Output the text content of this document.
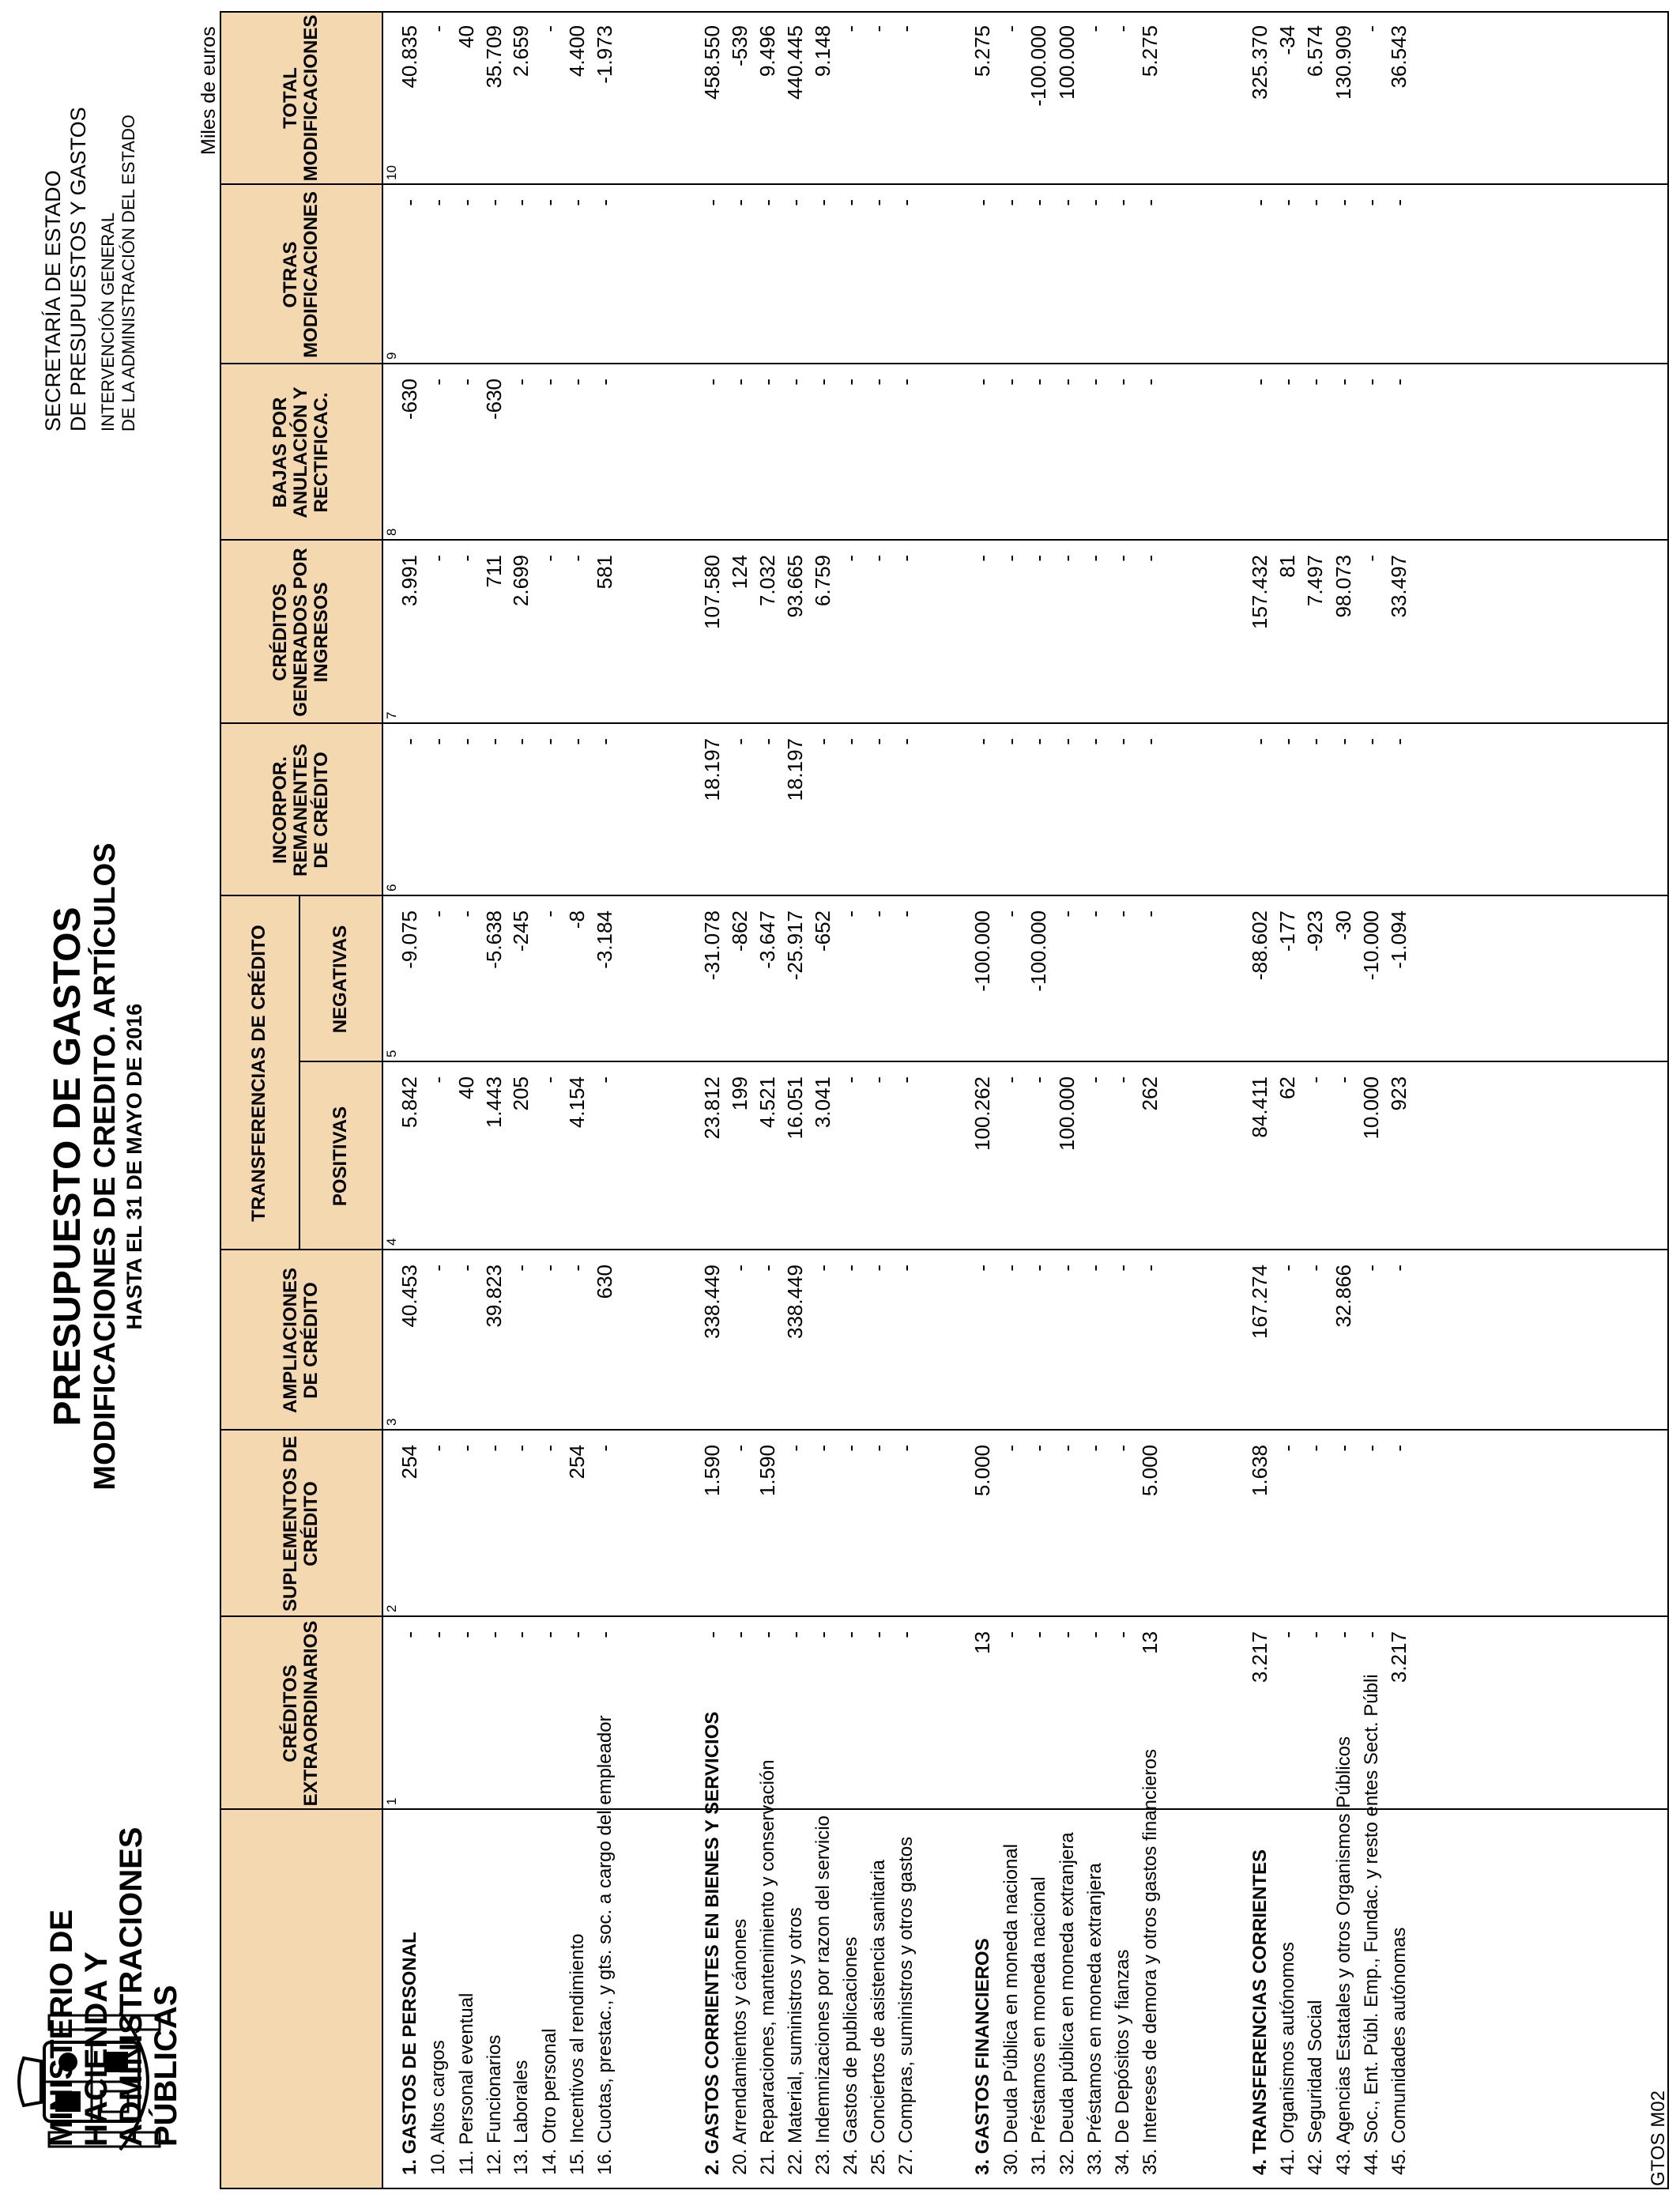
MINISTERIO DE HACIENDA Y ADMINISTRACIONES PÚBLICAS
PRESUPUESTO DE GASTOS MODIFICACIONES DE CREDITO. ARTÍCULOS HASTA EL 31 DE MAYO DE 2016
SECRETARÍA DE ESTADO DE PRESUPUESTOS Y GASTOS INTERVENCIÓN GENERAL DE LA ADMINISTRACIÓN DEL ESTADO
Miles de euros
CRÉDITOS EXTRAORDINARIOS
SUPLEMENTOS DE CRÉDITO
AMPLIACIONES DE CRÉDITO
TRANSFERENCIAS DE CRÉDITO	POSITIVAS
NEGATIVAS
INCORPOR. REMANENTES DE CRÉDITO
CRÉDITOS GENERADOS POR INGRESOS
BAJAS POR ANULACIÓN Y RECTIFICAC.
OTRAS MODIFICACIONES
TOTAL MODIFICACIONES
1
2
3
4
5
6
7
8
9
10
1. GASTOS DE PERSONAL
-
254
40.453
5.842
-9.075
-
3.991
-630
-
40.835
10. Altos cargos
-
-
-
-
-
-
-
-
-
-
11. Personal eventual
-
-
-
40
-
-
-
-
-
40
12. Funcionarios
-
-
39.823
1.443
-5.638
-
711
-630
-
35.709
13. Laborales
-
-
-
205
-245
-
2.699
-
-
2.659
14. Otro personal
-
-
-
-
-
-
-
-
-
-
15. Incentivos al rendimiento
-
254
-
4.154
-8
-
-
-
-
4.400
16. Cuotas, prestac., y gts. soc. a cargo del empleador
-
-
630
-
-3.184
-
581
-
-
-1.973
2. GASTOS CORRIENTES EN BIENES Y SERVICIOS
-
1.590
338.449
23.812
-31.078
18.197
107.580
-
-
458.550
20. Arrendamientos y cánones
-
-
-
199
-862
-
124
-
-
-539
21. Reparaciones, mantenimiento y conservación
-
1.590
-
4.521
-3.647
-
7.032
-
-
9.496
22. Material, suministros y otros
-
-
338.449
16.051
-25.917
18.197
93.665
-
-
440.445
23. Indemnizaciones por razon del servicio
-
-
-
3.041
-652
-
6.759
-
-
9.148
24. Gastos de publicaciones
-
-
-
-
-
-
-
-
-
-
25. Conciertos de asistencia sanitaria
-
-
-
-
-
-
-
-
-
-
27. Compras, suministros y otros gastos
-
-
-
-
-
-
-
-
-
-
3. GASTOS FINANCIEROS
13
5.000
-
100.262
-100.000
-
-
-
-
5.275
30. Deuda Pública en moneda nacional
-
-
-
-
-
-
-
-
-
-
31. Préstamos en moneda nacional
-
-
-
-
-100.000
-
-
-
-
-100.000
32. Deuda pública en moneda extranjera
-
-
-
100.000
-
-
-
-
-
100.000
33. Préstamos en moneda extranjera
-
-
-
-
-
-
-
-
-
-
34. De Depósitos y fianzas
-
-
-
-
-
-
-
-
-
-
35. Intereses de demora y otros gastos financieros
13
5.000
-
262
-
-
-
-
-
5.275
4. TRANSFERENCIAS CORRIENTES
3.217
1.638
167.274
84.411
-88.602
-
157.432
-
-
325.370
41. Organismos autónomos
-
-
-
62
-177
-
81
-
-
-34
42. Seguridad Social
-
-
-
-
-923
-
7.497
-
-
6.574
43. Agencias Estatales y otros Organismos Públicos
-
-
32.866
-
-30
-
98.073
-
-
130.909
44. Soc., Ent. Públ. Emp., Fundac. y resto entes Sect. Públi
-
-
-
10.000
-10.000
-
-
-
-
-
45. Comunidades autónomas
3.217
-
-
923
-1.094
-
33.497
-
-
36.543
GTOS M02
